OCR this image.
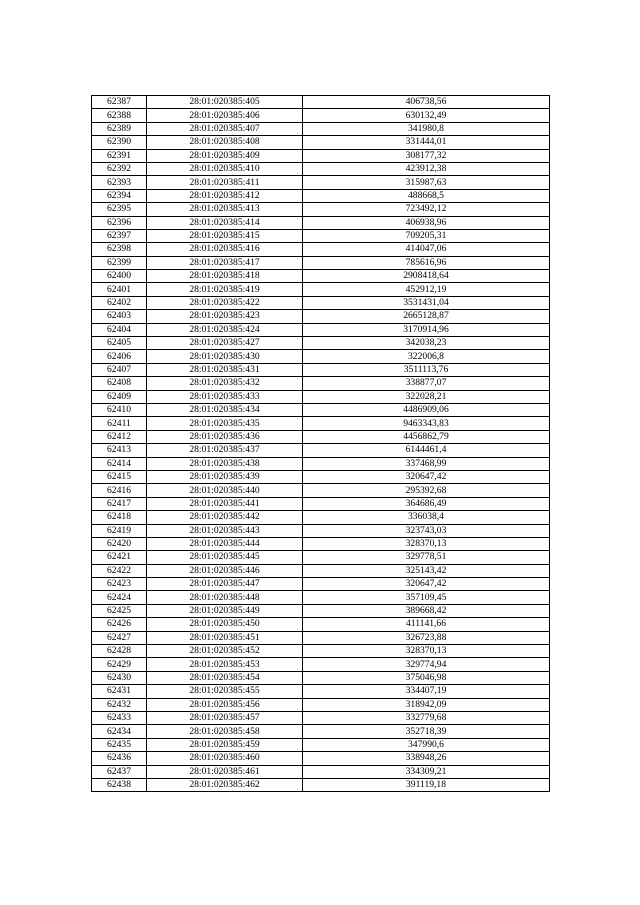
62387	28:01:020385:405	406738,56
62388	28:01:020385:406	630132,49
62389	28:01:020385:407	341980,8
62390	28:01:020385:408	331444,01
62391	28:01:020385:409	308177,32
62392	28:01:020385:410	423912,38
62393	28:01:020385:411	315987,63
62394	28:01:020385:412	488668,5
62395	28:01:020385:413	723492,12
62396	28:01:020385:414	406938,96
62397	28:01:020385:415	709205,31
62398	28:01:020385:416	414047,06
62399	28:01:020385:417	785616,96
62400	28:01:020385:418	2908418,64
62401	28:01:020385:419	452912,19
62402	28:01:020385:422	3531431,04
62403	28:01:020385:423	2665128,87
62404	28:01:020385:424	3170914,96
62405	28:01:020385:427	342038,23
62406	28:01:020385:430	322006,8
62407	28:01:020385:431	3511113,76
62408	28:01:020385:432	338877,07
62409	28:01:020385:433	322028,21
62410	28:01:020385:434	4486909,06
62411	28:01:020385:435	9463343,83
62412	28:01:020385:436	4456862,79
62413	28:01:020385:437	6144461,4
62414	28:01:020385:438	337468,99
62415	28:01:020385:439	320647,42
62416	28:01:020385:440	295392,68
62417	28:01:020385:441	364686,49
62418	28:01:020385:442	336038,4
62419	28:01:020385:443	323743,03
62420	28:01:020385:444	328370,13
62421	28:01:020385:445	329778,51
62422	28:01:020385:446	325143,42
62423	28:01:020385:447	320647,42
62424	28:01:020385:448	357109,45
62425	28:01:020385:449	389668,42
62426	28:01:020385:450	411141,66
62427	28:01:020385:451	326723,88
62428	28:01:020385:452	328370,13
62429	28:01:020385:453	329774,94
62430	28:01:020385:454	375046,98
62431	28:01:020385:455	334407,19
62432	28:01:020385:456	318942,09
62433	28:01:020385:457	332779,68
62434	28:01:020385:458	352718,39
62435	28:01:020385:459	347990,6
62436	28:01:020385:460	338948,26
62437	28:01:020385:461	334309,21
62438	28:01:020385:462	391119,18
